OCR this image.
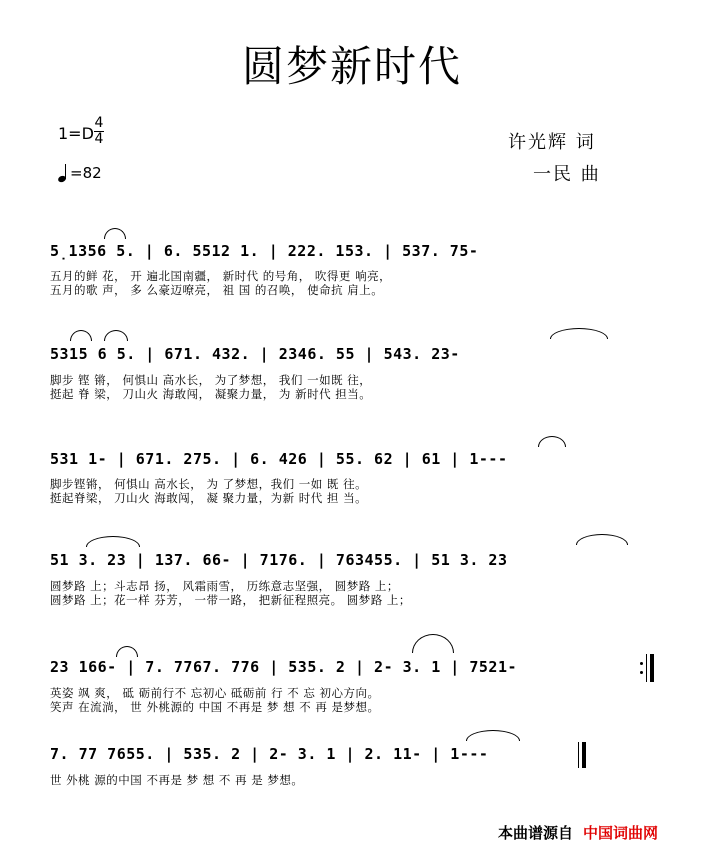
圆梦新时代
1=D
4
4
=82
许光辉 词
一民 曲
5̣1356 5. | 6. 5512 1. | 222. 153. | 537. 75-
五月的鲜 花， 开 遍北国南疆， 新时代 的号角， 吹得更 响亮，
五月的歌 声， 多 么豪迈嘹亮， 祖 国 的召唤， 使命抗 肩上。
5315 6 5. | 671. 432. | 2346. 55 | 543. 23-
脚步 铿 锵， 何惧山 高水长， 为了梦想， 我们 一如既 往，
挺起 脊 梁， 刀山火 海敢闯， 凝聚力量， 为 新时代 担当。
531 1- | 671. 275. | 6. 426 | 55. 62 | 61 | 1---
脚步铿锵， 何惧山 高水长， 为 了梦想，我们 一如 既 往。
挺起脊梁， 刀山火 海敢闯， 凝 聚力量，为新 时代 担 当。
51 3. 23 | 137. 66- | 7176. | 763455. | 51 3. 23
圆梦路 上；斗志昂 扬， 风霜雨雪， 历练意志坚强， 圆梦路 上；
圆梦路 上；花一样 芬芳， 一带一路， 把新征程照亮。 圆梦路 上；
23 166- | 7. 7767. 776 | 535. 2 | 2- 3. 1 | 7521-
英姿 飒 爽， 砥 砺前行不 忘初心 砥砺前 行 不 忘 初心方向。
笑声 在流淌， 世 外桃源的 中国 不再是 梦 想 不 再 是梦想。
7. 77 7655. | 535. 2 | 2- 3. 1 | 2. 11- | 1---
世 外桃 源的中国 不再是 梦 想 不 再 是 梦想。
本曲谱源自 中国词曲网
